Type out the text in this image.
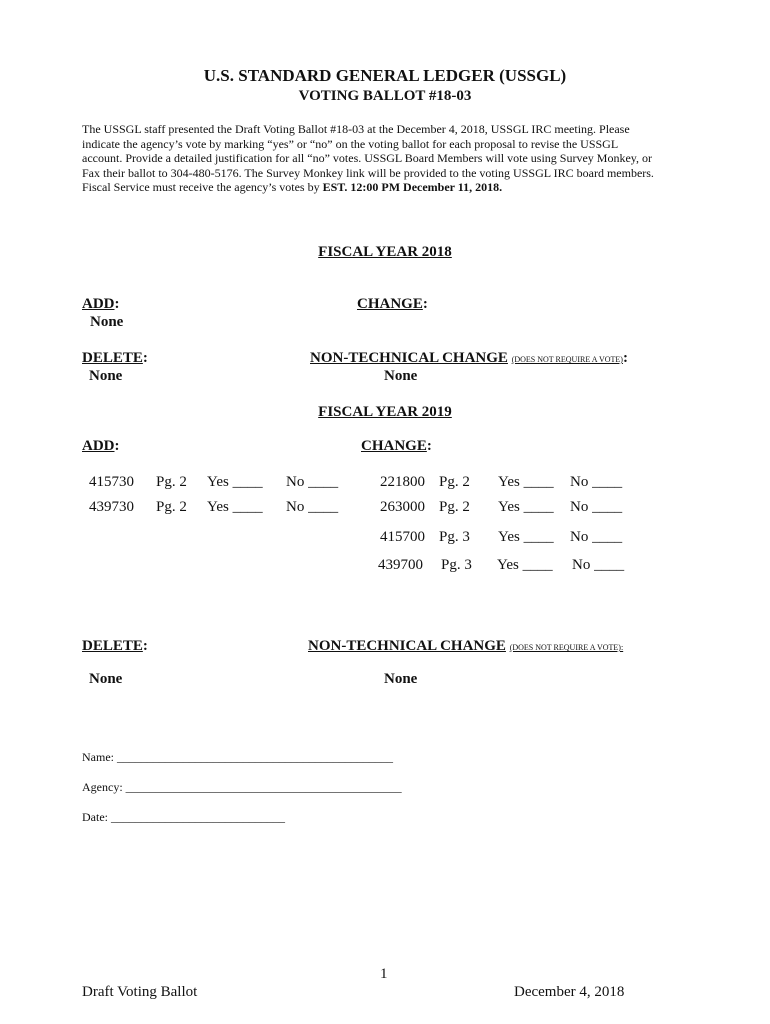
U.S. STANDARD GENERAL LEDGER (USSGL)
VOTING BALLOT #18-03
The USSGL staff presented the Draft Voting Ballot #18-03 at the December 4, 2018, USSGL IRC meeting. Please
indicate the agency’s vote by marking “yes” or “no” on the voting ballot for each proposal to revise the USSGL
account. Provide a detailed justification for all “no” votes. USSGL Board Members will vote using Survey Monkey, or
Fax their ballot to 304-480-5176. The Survey Monkey link will be provided to the voting USSGL IRC board members.
Fiscal Service must receive the agency’s votes by EST. 12:00 PM December 11, 2018.
FISCAL YEAR 2018
ADD:
None
CHANGE:
DELETE:
None
NON-TECHNICAL CHANGE (DOES NOT REQUIRE A VOTE):
None
FISCAL YEAR 2019
ADD:	CHANGE:
415730 Pg. 2 Yes ____ No ____
439730 Pg. 2 Yes ____ No ____
221800 Pg. 2 Yes ____ No ____
263000 Pg. 2 Yes ____ No ____
415700 Pg. 3 Yes ____ No ____
439700 Pg. 3 Yes ____ No ____
DELETE:
None
NON-TECHNICAL CHANGE (DOES NOT REQUIRE A VOTE):
None
Name: ______________________________________________
Agency: ______________________________________________
Date: _____________________________
1
Draft Voting Ballot	December 4, 2018
